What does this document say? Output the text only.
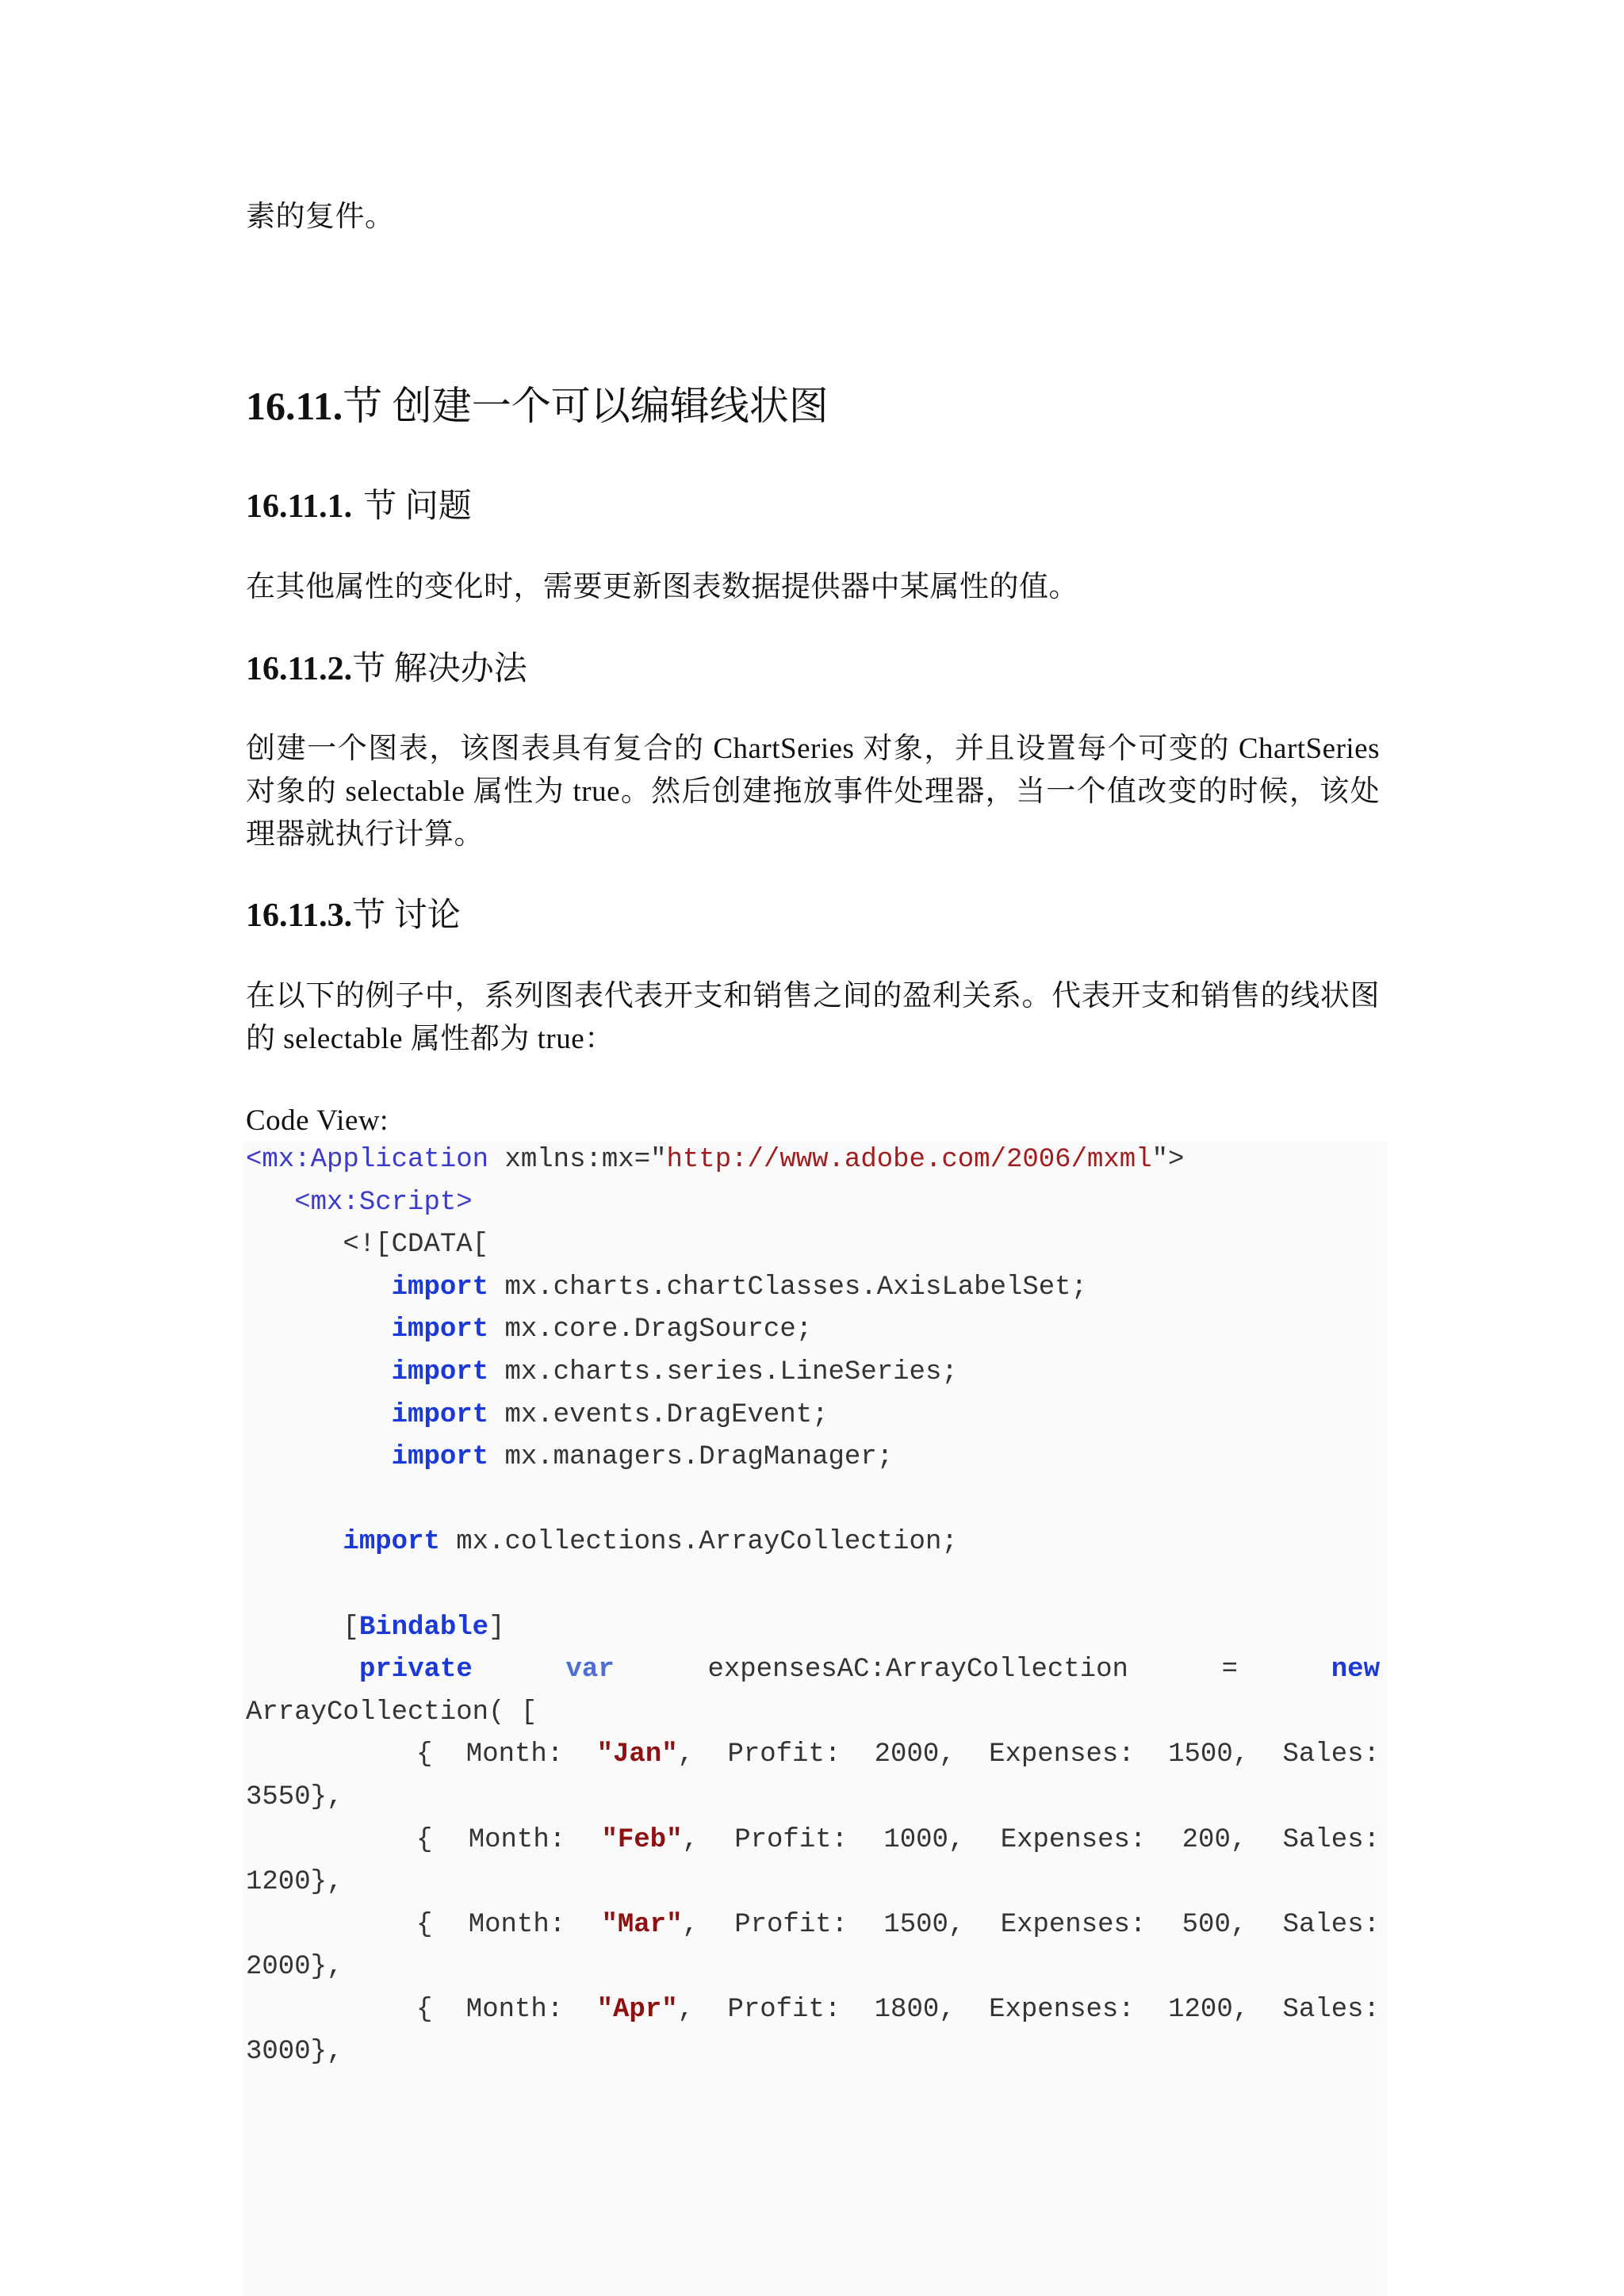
素的复件。
16.11.节 创建一个可以编辑线状图
16.11.1. 节 问题
在其他属性的变化时，需要更新图表数据提供器中某属性的值。
16.11.2.节 解决办法
创建一个图表，该图表具有复合的 ChartSeries 对象，并且设置每个可变的 ChartSeries 对象的 selectable 属性为 true。然后创建拖放事件处理器，当一个值改变的时候，该处理器就执行计算。
16.11.3.节 讨论
在以下的例子中，系列图表代表开支和销售之间的盈利关系。代表开支和销售的线状图的 selectable 属性都为 true：
Code View:
<mx:Application xmlns:mx="http://www.adobe.com/2006/mxml">
<mx:Script>
<![CDATA[
import mx.charts.chartClasses.AxisLabelSet;
import mx.core.DragSource;
import mx.charts.series.LineSeries;
import mx.events.DragEvent;
import mx.managers.DragManager;

import mx.collections.ArrayCollection;

[Bindable]
private	var	expensesAC:ArrayCollection	=	new
ArrayCollection( [
{ Month: "Jan", Profit: 2000, Expenses: 1500, Sales:
3550},
{ Month: "Feb", Profit: 1000, Expenses: 200, Sales:
1200},
{ Month: "Mar", Profit: 1500, Expenses: 500, Sales:
2000},
{ Month: "Apr", Profit: 1800, Expenses: 1200, Sales:
3000},
